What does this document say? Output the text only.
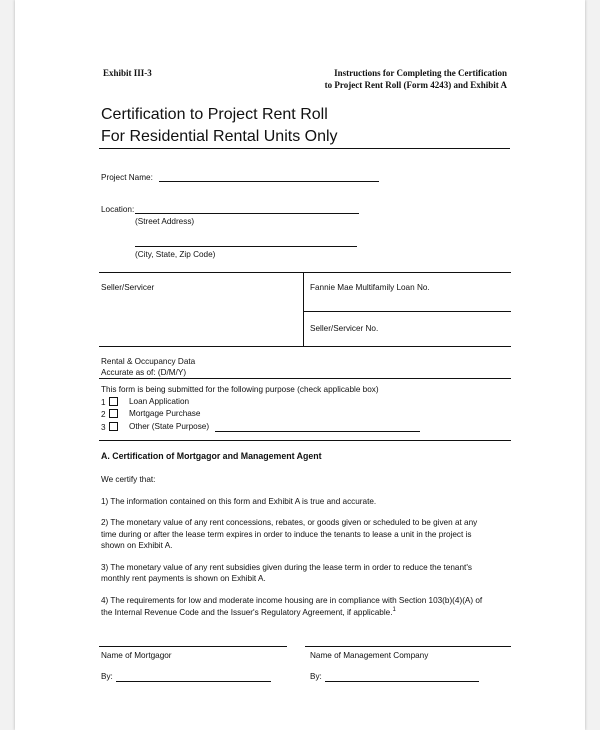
Exhibit III-3	Instructions for Completing the Certification
to Project Rent Roll (Form 4243) and Exhibit A
Certification to Project Rent Roll
For Residential Rental Units Only
Project Name:
Location:
(Street Address)
(City, State, Zip Code)
Seller/Servicer	Fannie Mae Multifamily Loan No.
Seller/Servicer No.
Rental & Occupancy Data
Accurate as of: (D/M/Y)
This form is being submitted for the following purpose (check applicable box)
1	Loan Application
2	Mortgage Purchase
3	Other (State Purpose)
A. Certification of Mortgagor and Management Agent
We certify that:
1) The information contained on this form and Exhibit A is true and accurate.
2) The monetary value of any rent concessions, rebates, or goods given or scheduled to be given at any
time during or after the lease term expires in order to induce the tenants to lease a unit in the project is
shown on Exhibit A.
3) The monetary value of any rent subsidies given during the lease term in order to reduce the tenant's
monthly rent payments is shown on Exhibit A.
4) The requirements for low and moderate income housing are in compliance with Section 103(b)(4)(A) of
the Internal Revenue Code and the Issuer's Regulatory Agreement, if applicable.$^1$
Name of Mortgagor	Name of Management Company
By:	By:
